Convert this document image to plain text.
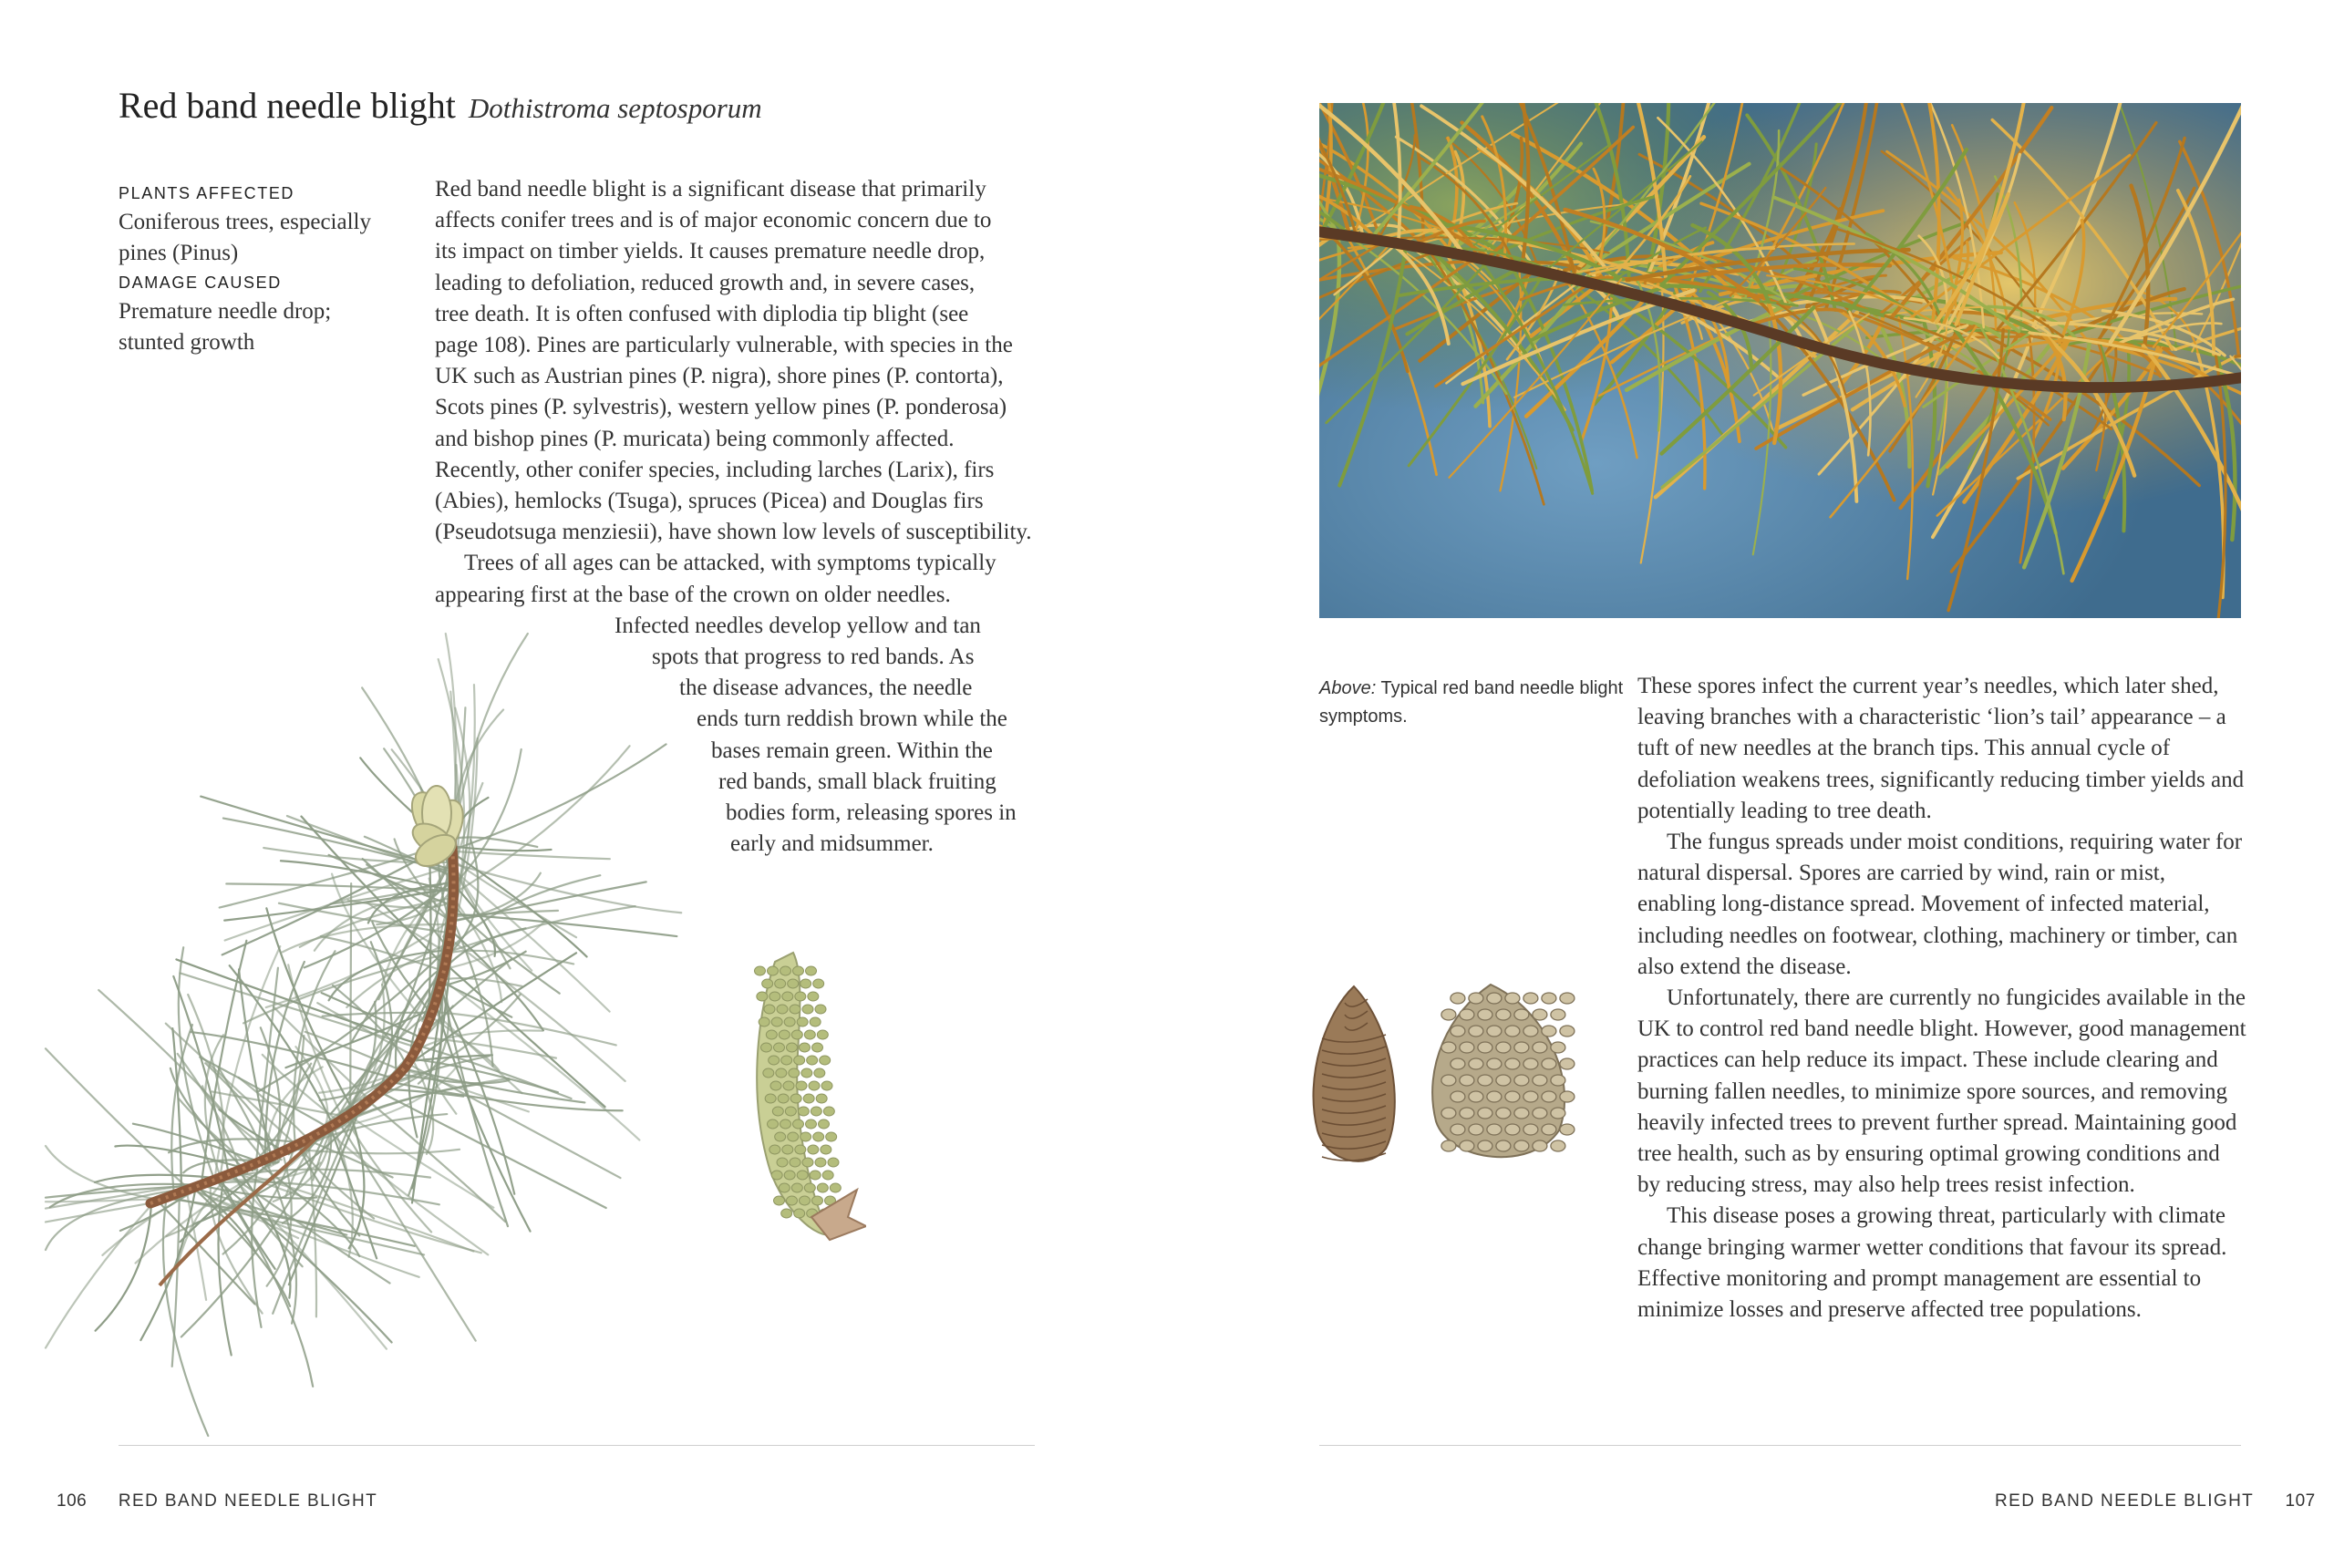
Red band needle blight Dothistroma septosporum
PLANTS AFFECTED
Coniferous trees, especially
pines (Pinus)
DAMAGE CAUSED
Premature needle drop;
stunted growth
Red band needle blight is a significant disease that primarily
affects conifer trees and is of major economic concern due to
its impact on timber yields. It causes premature needle drop,
leading to defoliation, reduced growth and, in severe cases,
tree death. It is often confused with diplodia tip blight (see
page 108). Pines are particularly vulnerable, with species in the
UK such as Austrian pines (P. nigra), shore pines (P. contorta),
Scots pines (P. sylvestris), western yellow pines (P. ponderosa)
and bishop pines (P. muricata) being commonly affected.
Recently, other conifer species, including larches (Larix), firs
(Abies), hemlocks (Tsuga), spruces (Picea) and Douglas firs
(Pseudotsuga menziesii), have shown low levels of susceptibility.
Trees of all ages can be attacked, with symptoms typically
appearing first at the base of the crown on older needles.
Infected needles develop yellow and tan
spots that progress to red bands. As
the disease advances, the needle
ends turn reddish brown while the
bases remain green. Within the
red bands, small black fruiting
bodies form, releasing spores in
early and midsummer.
106 RED BAND NEEDLE BLIGHT
Above: Typical red band needle blight symptoms.

These spores infect the current year’s needles, which later shed, leaving branches with a characteristic ‘lion’s tail’ appearance – a tuft of new needles at the branch tips. This annual cycle of defoliation weakens trees, significantly reducing timber yields and potentially leading to tree death.

The fungus spreads under moist conditions, requiring water for natural dispersal. Spores are carried by wind, rain or mist, enabling long-distance spread. Movement of infected material, including needles on footwear, clothing, machinery or timber, can also extend the disease.

Unfortunately, there are currently no fungicides available in the UK to control red band needle blight. However, good management practices can help reduce its impact. These include clearing and burning fallen needles, to minimize spore sources, and removing heavily infected trees to prevent further spread. Maintaining good tree health, such as by ensuring optimal growing conditions and by reducing stress, may also help trees resist infection.

This disease poses a growing threat, particularly with climate change bringing warmer wetter conditions that favour its spread. Effective monitoring and prompt management are essential to minimize losses and preserve affected tree populations.

RED BAND NEEDLE BLIGHT 107
